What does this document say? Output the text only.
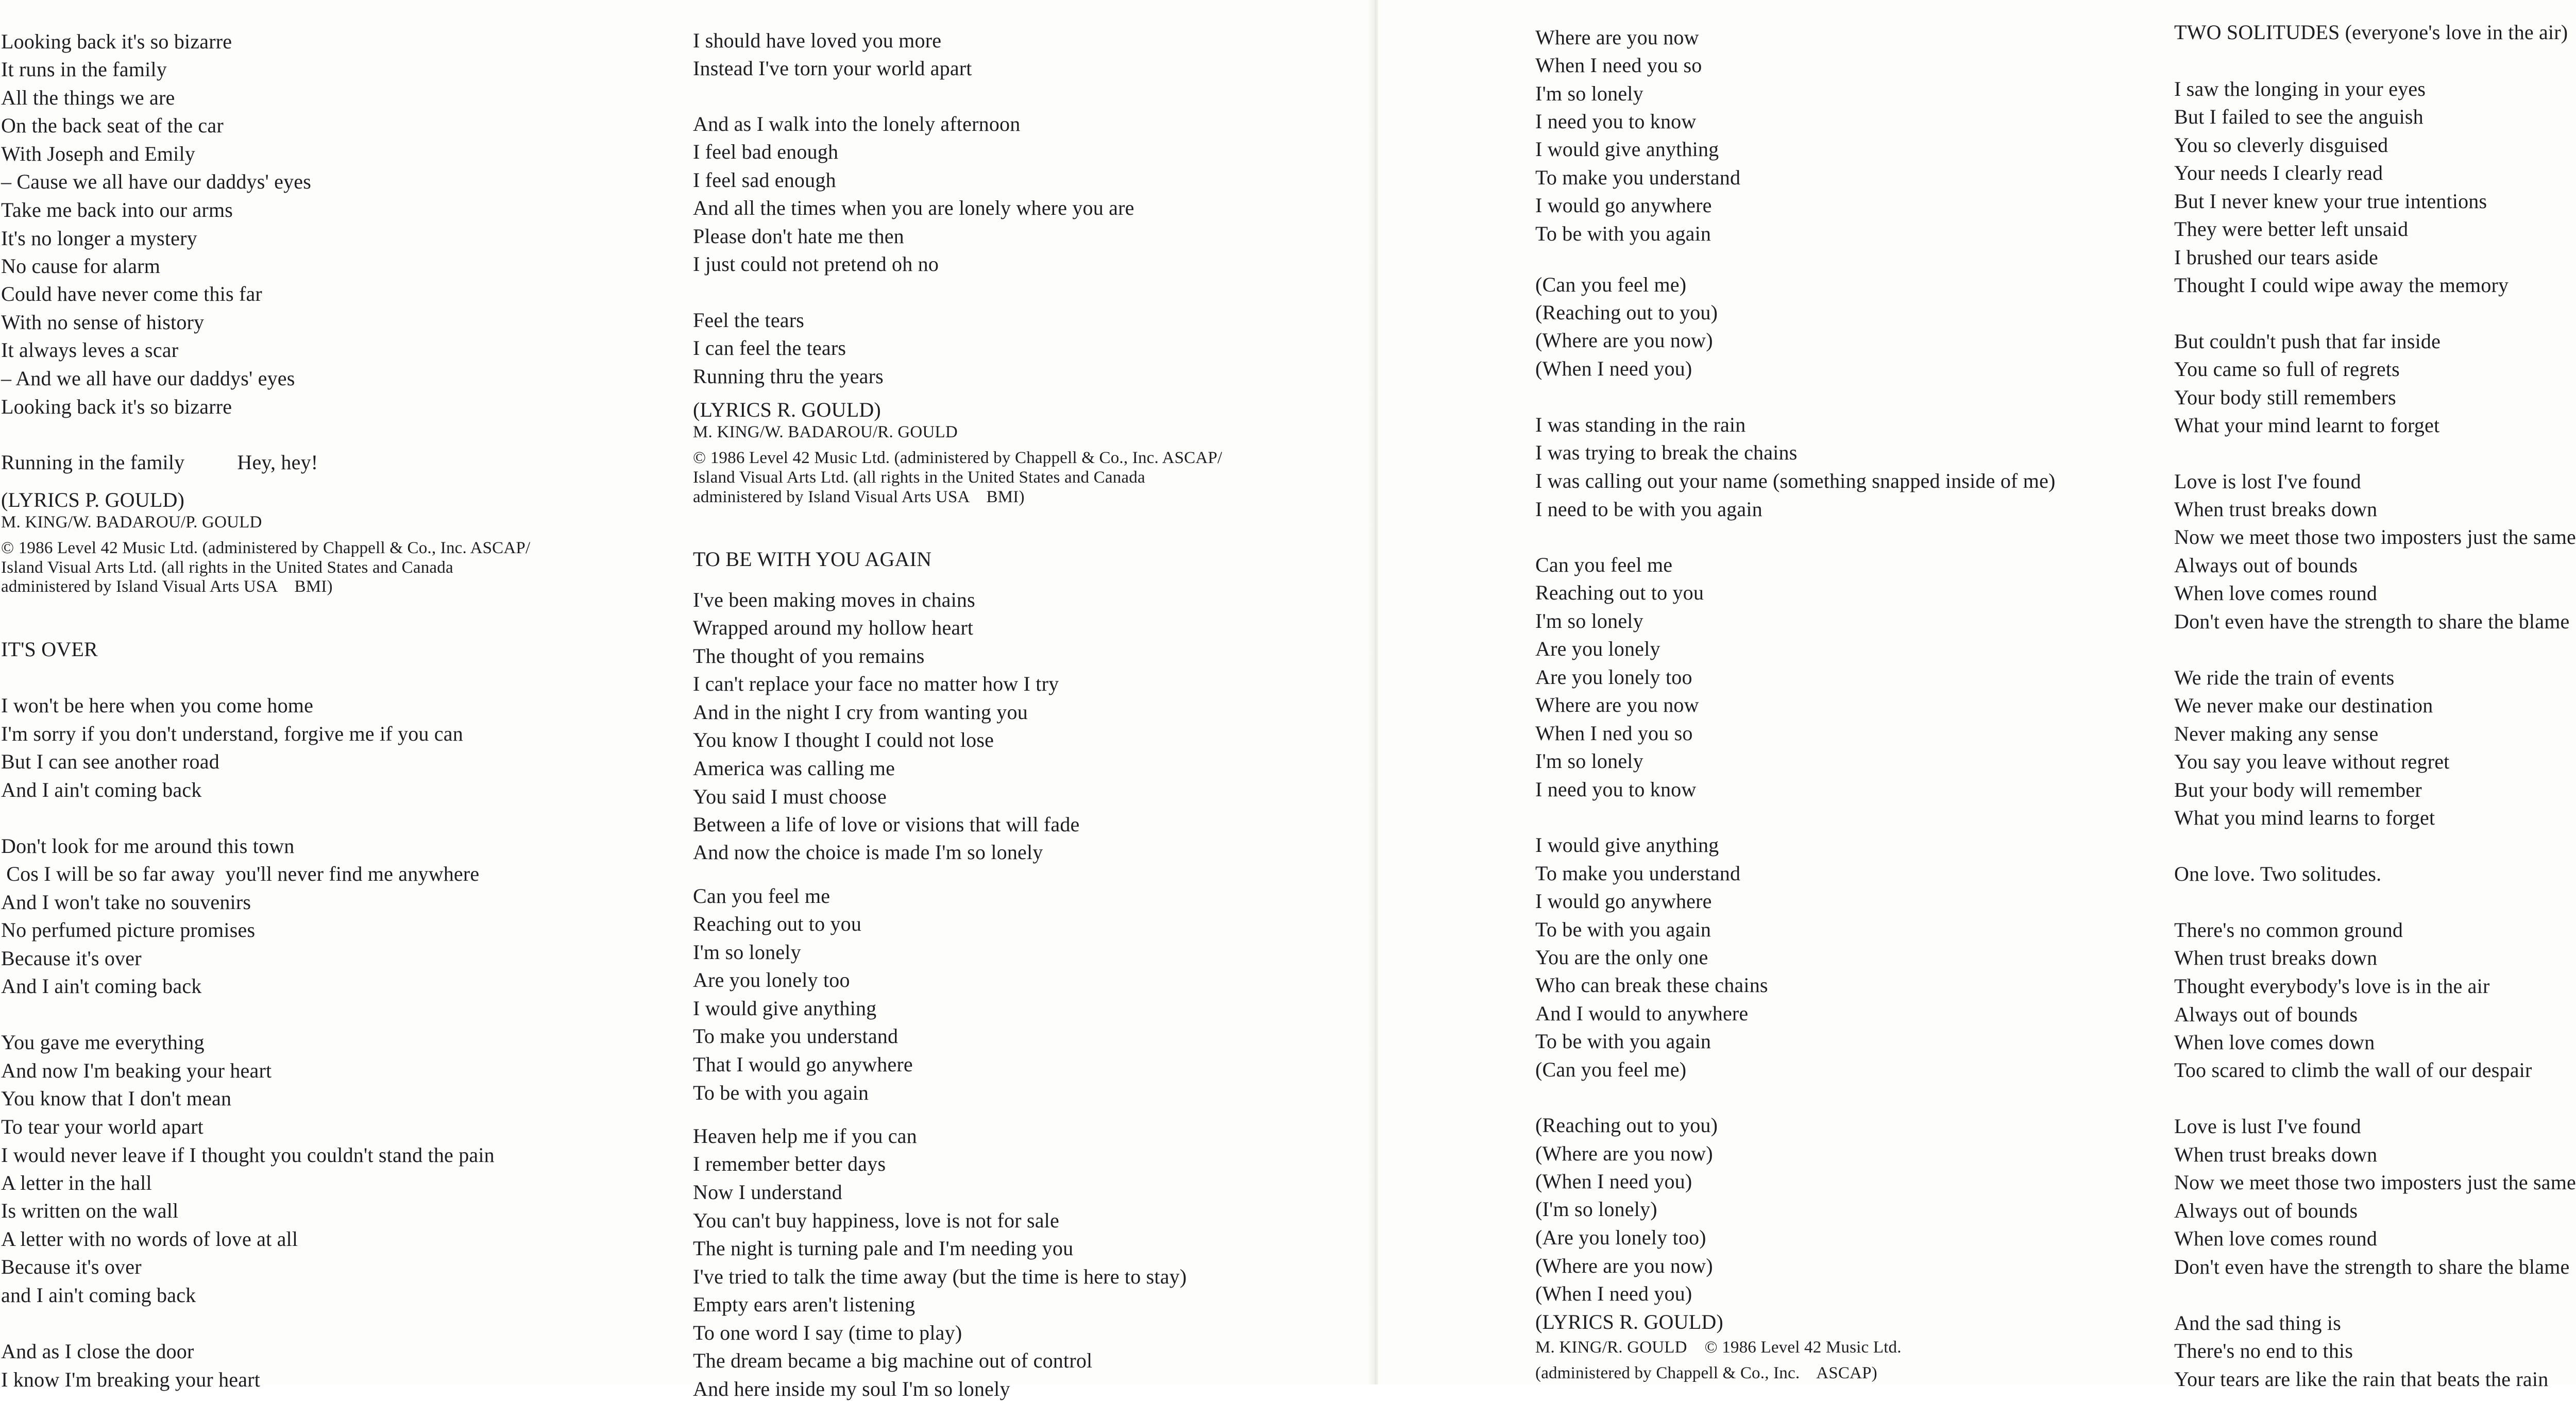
Looking back it's so bizarre
It runs in the family
All the things we are
On the back seat of the car
With Joseph and Emily
– Cause we all have our daddys' eyes
Take me back into our arms
It's no longer a mystery
No cause for alarm
Could have never come this far
With no sense of history
It always leves a scar
– And we all have our daddys' eyes
Looking back it's so bizarre
Running in the family          Hey, hey!
(LYRICS P. GOULD)
M. KING/W. BADAROU/P. GOULD
© 1986 Level 42 Music Ltd. (administered by Chappell & Co., Inc. ASCAP/
Island Visual Arts Ltd. (all rights in the United States and Canada
administered by Island Visual Arts USA    BMI)
IT'S OVER
I won't be here when you come home
I'm sorry if you don't understand, forgive me if you can
But I can see another road
And I ain't coming back
Don't look for me around this town
Cos I will be so far away  you'll never find me anywhere
And I won't take no souvenirs
No perfumed picture promises
Because it's over
And I ain't coming back
You gave me everything
And now I'm beaking your heart
You know that I don't mean
To tear your world apart
I would never leave if I thought you couldn't stand the pain
A letter in the hall
Is written on the wall
A letter with no words of love at all
Because it's over
and I ain't coming back
And as I close the door
I know I'm breaking your heart
I should have loved you more
Instead I've torn your world apart
And as I walk into the lonely afternoon
I feel bad enough
I feel sad enough
And all the times when you are lonely where you are
Please don't hate me then
I just could not pretend oh no
Feel the tears
I can feel the tears
Running thru the years
(LYRICS R. GOULD)
M. KING/W. BADAROU/R. GOULD
© 1986 Level 42 Music Ltd. (administered by Chappell & Co., Inc. ASCAP/
Island Visual Arts Ltd. (all rights in the United States and Canada
administered by Island Visual Arts USA    BMI)
TO BE WITH YOU AGAIN
I've been making moves in chains
Wrapped around my hollow heart
The thought of you remains
I can't replace your face no matter how I try
And in the night I cry from wanting you
You know I thought I could not lose
America was calling me
You said I must choose
Between a life of love or visions that will fade
And now the choice is made I'm so lonely
Can you feel me
Reaching out to you
I'm so lonely
Are you lonely too
I would give anything
To make you understand
That I would go anywhere
To be with you again
Heaven help me if you can
I remember better days
Now I understand
You can't buy happiness, love is not for sale
The night is turning pale and I'm needing you
I've tried to talk the time away (but the time is here to stay)
Empty ears aren't listening
To one word I say (time to play)
The dream became a big machine out of control
And here inside my soul I'm so lonely
Where are you now
When I need you so
I'm so lonely
I need you to know
I would give anything
To make you understand
I would go anywhere
To be with you again
(Can you feel me)
(Reaching out to you)
(Where are you now)
(When I need you)
I was standing in the rain
I was trying to break the chains
I was calling out your name (something snapped inside of me)
I need to be with you again
Can you feel me
Reaching out to you
I'm so lonely
Are you lonely
Are you lonely too
Where are you now
When I ned you so
I'm so lonely
I need you to know
I would give anything
To make you understand
I would go anywhere
To be with you again
You are the only one
Who can break these chains
And I would to anywhere
To be with you again
(Can you feel me)
(Reaching out to you)
(Where are you now)
(When I need you)
(I'm so lonely)
(Are you lonely too)
(Where are you now)
(When I need you)
(LYRICS R. GOULD)
M. KING/R. GOULD    © 1986 Level 42 Music Ltd.
(administered by Chappell & Co., Inc.    ASCAP)
TWO SOLITUDES (everyone's love in the air)
I saw the longing in your eyes
But I failed to see the anguish
You so cleverly disguised
Your needs I clearly read
But I never knew your true intentions
They were better left unsaid
I brushed our tears aside
Thought I could wipe away the memory
But couldn't push that far inside
You came so full of regrets
Your body still remembers
What your mind learnt to forget
Love is lost I've found
When trust breaks down
Now we meet those two imposters just the same
Always out of bounds
When love comes round
Don't even have the strength to share the blame
We ride the train of events
We never make our destination
Never making any sense
You say you leave without regret
But your body will remember
What you mind learns to forget
One love. Two solitudes.
There's no common ground
When trust breaks down
Thought everybody's love is in the air
Always out of bounds
When love comes down
Too scared to climb the wall of our despair
Love is lust I've found
When trust breaks down
Now we meet those two imposters just the same
Always out of bounds
When love comes round
Don't even have the strength to share the blame
And the sad thing is
There's no end to this
Your tears are like the rain that beats the rain
